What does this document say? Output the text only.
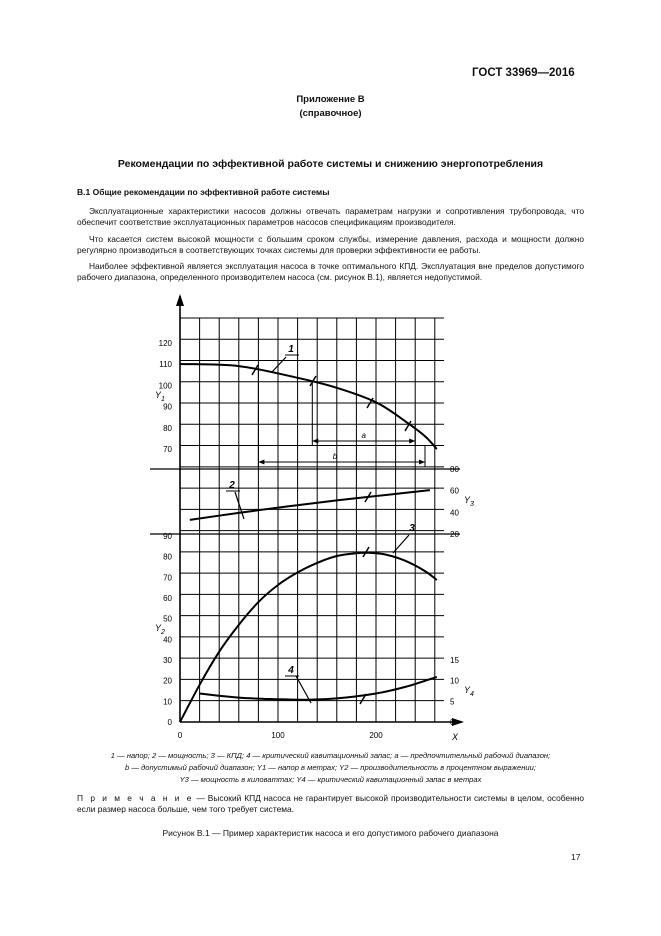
ГОСТ 33969—2016
Приложение В
(справочное)
Рекомендации по эффективной работе системы и снижению энергопотребления
В.1 Общие рекомендации по эффективной работе системы

Эксплуатационные характеристики насосов должны отвечать параметрам нагрузки и сопротивления трубопровода, что обеспечит соответствие эксплуатационных параметров насосов спецификациям производителя.

Что касается систем высокой мощности с большим сроком службы, измерение давления, расхода и мощности должно регулярно производиться в соответствующих точках системы для проверки эффективности ее работы.

Наиболее эффективной является эксплуатация насоса в точке оптимального КПД. Эксплуатация вне пределов допустимого рабочего диапазона, определенного производителем насоса (см. рисунок В.1), является недопустимой.

120
110
100
90
80
70
90
80
70
60
50
40
30
20
10
0
80
60
40
20
15
10
5
0
0	100	200
$Y_1$
$Y_2$
$Y_3$
$Y_4$
X
a
b
1
2
3
4
1 — напор; 2 — мощность; 3 — КПД; 4 — критический кавитационный запас; a — предпочтительный рабочий диапазон;
b — допустимый рабочий диапазон; Y1 — напор в метрах; Y2 — производительность в процентном выражении;
Y3 — мощность в киловаттах; Y4 — критический кавитационный запас в метрах

П р и м е ч а н и е — Высокий КПД насоса не гарантирует высокой производительности системы в целом, особенно если размер насоса больше, чем того требует система.

Рисунок В.1 — Пример характеристик насоса и его допустимого рабочего диапазона
17
